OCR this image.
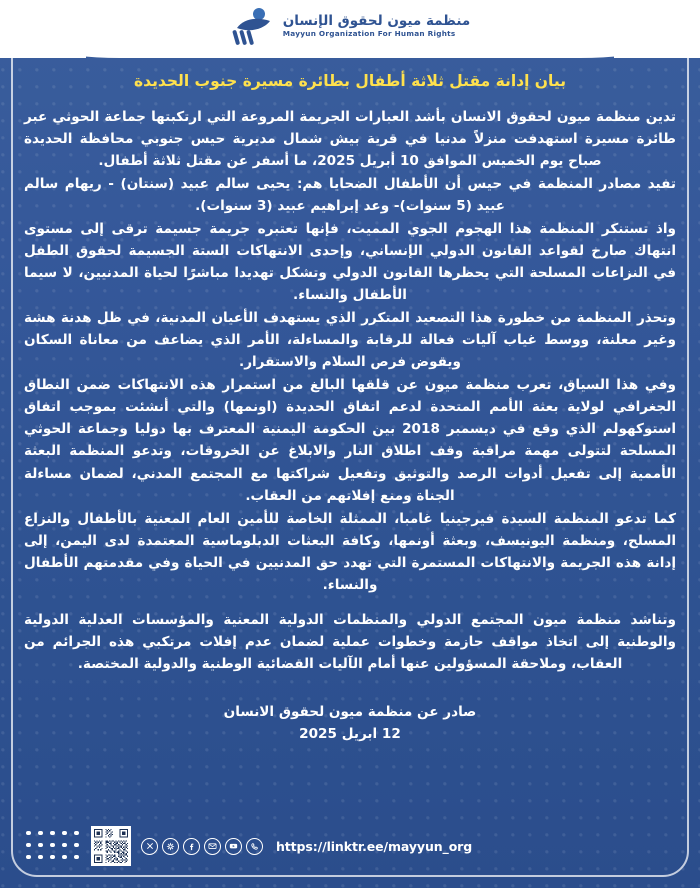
منظمة ميون لحقوق الإنسان
Mayyun Organization For Human Rights
بيان إدانة مقتل ثلاثة أطفال بطائرة مسيرة جنوب الحديدة

تدين منظمة ميون لحقوق الانسان بأشد العبارات الجريمة المروعة التي ارتكبتها جماعة الحوثي عبر طائرة مسيرة استهدفت منزلاً مدنيا في قرية بيش شمال مديرية حيس جنوبي محافظة الحديدة صباح يوم الخميس الموافق 10 أبريل 2025، ما أسفر عن مقتل ثلاثة أطفال.

تفيد مصادر المنظمة في حيس أن الأطفال الضحايا هم: يحيى سالم عبيد (سنتان) - ريهام سالم عبيد (5 سنوات)- وعد إبراهيم عبيد (3 سنوات).

واذ تستنكر المنظمة هذا الهجوم الجوي المميت، فإنها تعتبره جريمة جسيمة ترقى إلى مستوى انتهاك صارخ لقواعد القانون الدولي الإنساني، وإحدى الانتهاكات الستة الجسيمة لحقوق الطفل في النزاعات المسلحة التي يحظرها القانون الدولي وتشكل تهديدا مباشرًا لحياة المدنيين، لا سيما الأطفال والنساء.

وتحذر المنظمة من خطورة هذا التصعيد المتكرر الذي يستهدف الأعيان المدنية، في ظل هدنة هشة وغير معلنة، ووسط غياب آليات فعالة للرقابة والمساءلة، الأمر الذي يضاعف من معاناة السكان ويقوض فرص السلام والاستقرار.

وفي هذا السياق، تعرب منظمة ميون عن قلقها البالغ من استمرار هذه الانتهاكات ضمن النطاق الجغرافي لولاية بعثة الأمم المتحدة لدعم اتفاق الحديدة (اونمها) والتي أنشئت بموجب اتفاق استوكهولم الذي وقع في ديسمبر 2018 بين الحكومة اليمنية المعترف بها دوليا وجماعة الحوثي المسلحة لتتولى مهمة مراقبة وقف اطلاق النار والابلاغ عن الخروقات، وتدعو المنظمة البعثة الأممية إلى تفعيل أدوات الرصد والتوثيق وتفعيل شراكتها مع المجتمع المدني، لضمان مساءلة الجناة ومنع إفلاتهم من العقاب.

كما تدعو المنظمة السيدة فيرجينيا غامبا، الممثلة الخاصة للأمين العام المعنية بالأطفال والنزاع المسلح، ومنظمة اليونيسف، وبعثة أونمها، وكافة البعثات الدبلوماسية المعتمدة لدى اليمن، إلى إدانة هذه الجريمة والانتهاكات المستمرة التي تهدد حق المدنيين في الحياة وفي مقدمتهم الأطفال والنساء.

وتناشد منظمة ميون المجتمع الدولي والمنظمات الدولية المعنية والمؤسسات العدلية الدولية والوطنية إلى اتخاذ مواقف حازمة وخطوات عملية لضمان عدم إفلات مرتكبي هذه الجرائم من العقاب، وملاحقة المسؤولين عنها أمام الآليات القضائية الوطنية والدولية المختصة.

صادر عن منظمة ميون لحقوق الانسان
12 ابريل 2025
https://linktr.ee/mayyun_org
